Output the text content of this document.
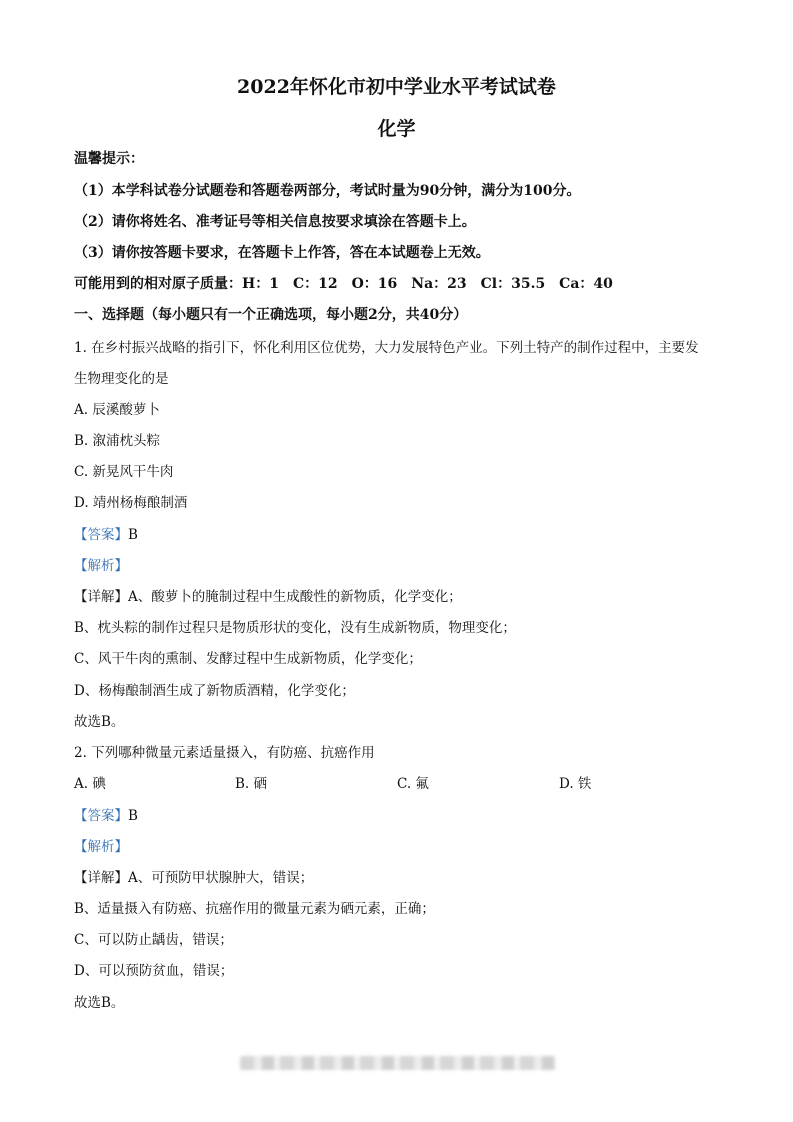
2022年怀化市初中学业水平考试试卷
化学
温馨提示：
（1）本学科试卷分试题卷和答题卷两部分，考试时量为90分钟，满分为100分。
（2）请你将姓名、准考证号等相关信息按要求填涂在答题卡上。
（3）请你按答题卡要求，在答题卡上作答，答在本试题卷上无效。
可能用到的相对原子质量：H：1　C：12　O：16　Na：23　Cl：35.5　Ca：40
一、选择题（每小题只有一个正确选项，每小题2分，共40分）
1. 在乡村振兴战略的指引下，怀化利用区位优势，大力发展特色产业。下列土特产的制作过程中，主要发
生物理变化的是
A. 辰溪酸萝卜
B. 溆浦枕头粽
C. 新晃风干牛肉
D. 靖州杨梅酿制酒
【答案】B
【解析】
【详解】A、酸萝卜的腌制过程中生成酸性的新物质，化学变化；
B、枕头粽的制作过程只是物质形状的变化，没有生成新物质，物理变化；
C、风干牛肉的熏制、发酵过程中生成新物质，化学变化；
D、杨梅酿制酒生成了新物质酒精，化学变化；
故选B。
2. 下列哪种微量元素适量摄入，有防癌、抗癌作用
A. 碘	B. 硒	C. 氟	D. 铁
【答案】B
【解析】
【详解】A、可预防甲状腺肿大，错误；
B、适量摄入有防癌、抗癌作用的微量元素为硒元素，正确；
C、可以防止龋齿，错误；
D、可以预防贫血，错误；
故选B。
